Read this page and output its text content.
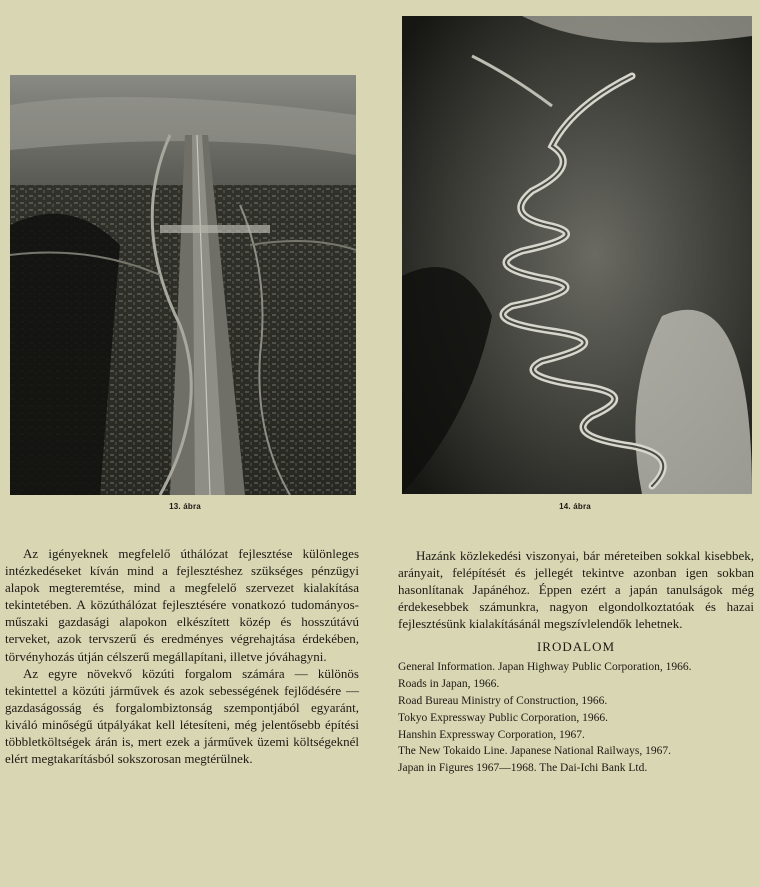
13. ábra	14. ábra

Az igényeknek megfelelő úthálózat fejlesztése különleges intézkedéseket kíván mind a fejlesztéshez szükséges pénzügyi alapok megteremtése, mind a megfelelő szervezet kialakítása tekintetében. A közúthálózat fejlesztésére vonatkozó tudományos-műszaki gazdasági alapokon elkészített közép és hosszútávú terveket, azok tervszerű és eredményes végrehajtása érdekében, törvényhozás útján célszerű megállapítani, illetve jóváhagyni.

Az egyre növekvő közúti forgalom számára — különös tekintettel a közúti járművek és azok sebességének fejlődésére — gazdaságosság és forgalombiztonság szempontjából egyaránt, kiváló minőségű útpályákat kell létesíteni, még jelentősebb építési többletköltségek árán is, mert ezek a járművek üzemi költségeknél elért megtakarításból sokszorosan megtérülnek.

Hazánk közlekedési viszonyai, bár méreteiben sokkal kisebbek, arányait, felépítését és jellegét tekintve azonban igen sokban hasonlítanak Japánéhoz. Éppen ezért a japán tanulságok még érdekesebbek számunkra, nagyon elgondolkoztatóak és hazai fejlesztésünk kialakításánál megszívlelendők lehetnek.

IRODALOM
General Information. Japan Highway Public Corporation, 1966.
Roads in Japan, 1966.
Road Bureau Ministry of Construction, 1966.
Tokyo Expressway Public Corporation, 1966.
Hanshin Expressway Corporation, 1967.
The New Tokaido Line. Japanese National Railways, 1967.
Japan in Figures 1967—1968. The Dai-Ichi Bank Ltd.
